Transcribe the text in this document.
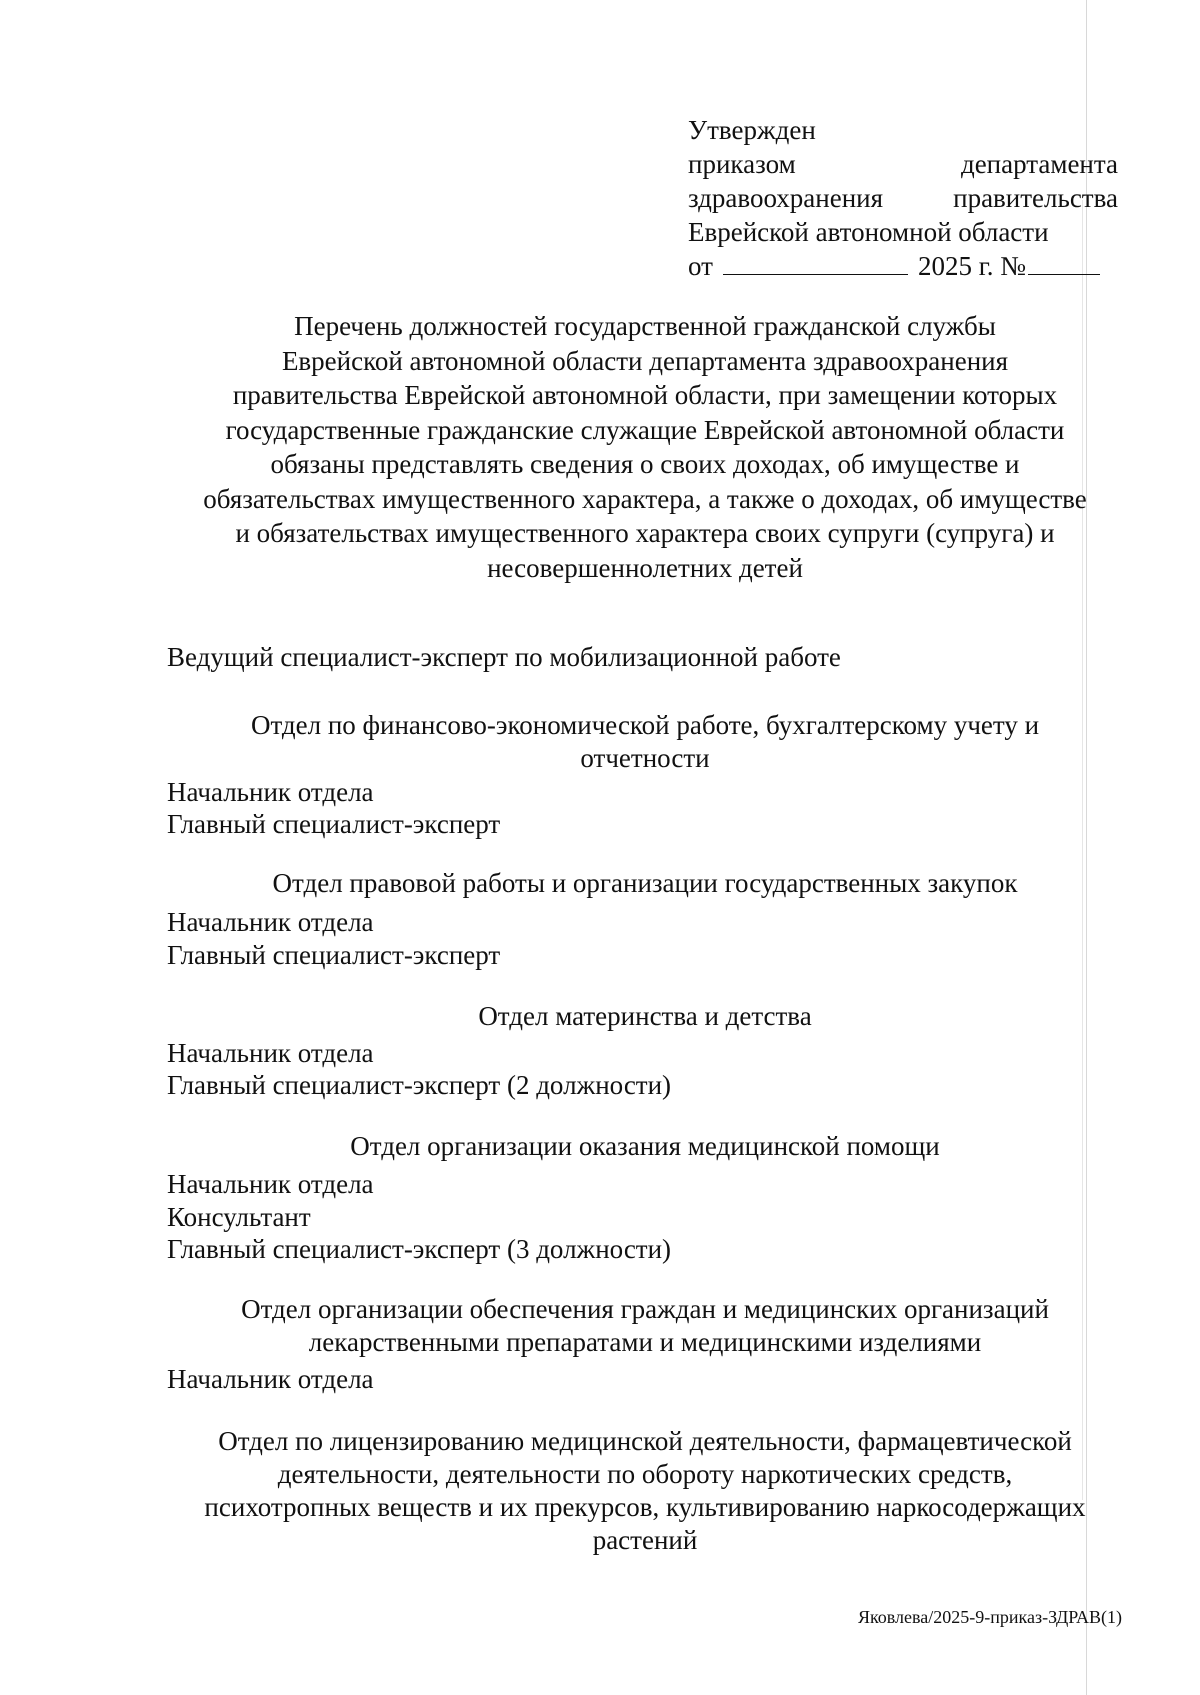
Утвержден
приказом	департамента
здравоохранения	правительства
Еврейской автономной области
от	2025 г. №
Перечень должностей государственной гражданской службы
Еврейской автономной области департамента здравоохранения
правительства Еврейской автономной области, при замещении которых
государственные гражданские служащие Еврейской автономной области
обязаны представлять сведения о своих доходах, об имуществе и
обязательствах имущественного характера, а также о доходах, об имуществе
и обязательствах имущественного характера своих супруги (супруга) и
несовершеннолетних детей
Ведущий специалист-эксперт по мобилизационной работе
Отдел по финансово-экономической работе, бухгалтерскому учету и
отчетности
Начальник отдела
Главный специалист-эксперт
Отдел правовой работы и организации государственных закупок
Начальник отдела
Главный специалист-эксперт
Отдел материнства и детства
Начальник отдела
Главный специалист-эксперт (2 должности)
Отдел организации оказания медицинской помощи
Начальник отдела
Консультант
Главный специалист-эксперт (3 должности)
Отдел организации обеспечения граждан и медицинских организаций
лекарственными препаратами и медицинскими изделиями
Начальник отдела
Отдел по лицензированию медицинской деятельности, фармацевтической
деятельности, деятельности по обороту наркотических средств,
психотропных веществ и их прекурсов, культивированию наркосодержащих
растений
Яковлева/2025-9-приказ-ЗДРАВ(1)
